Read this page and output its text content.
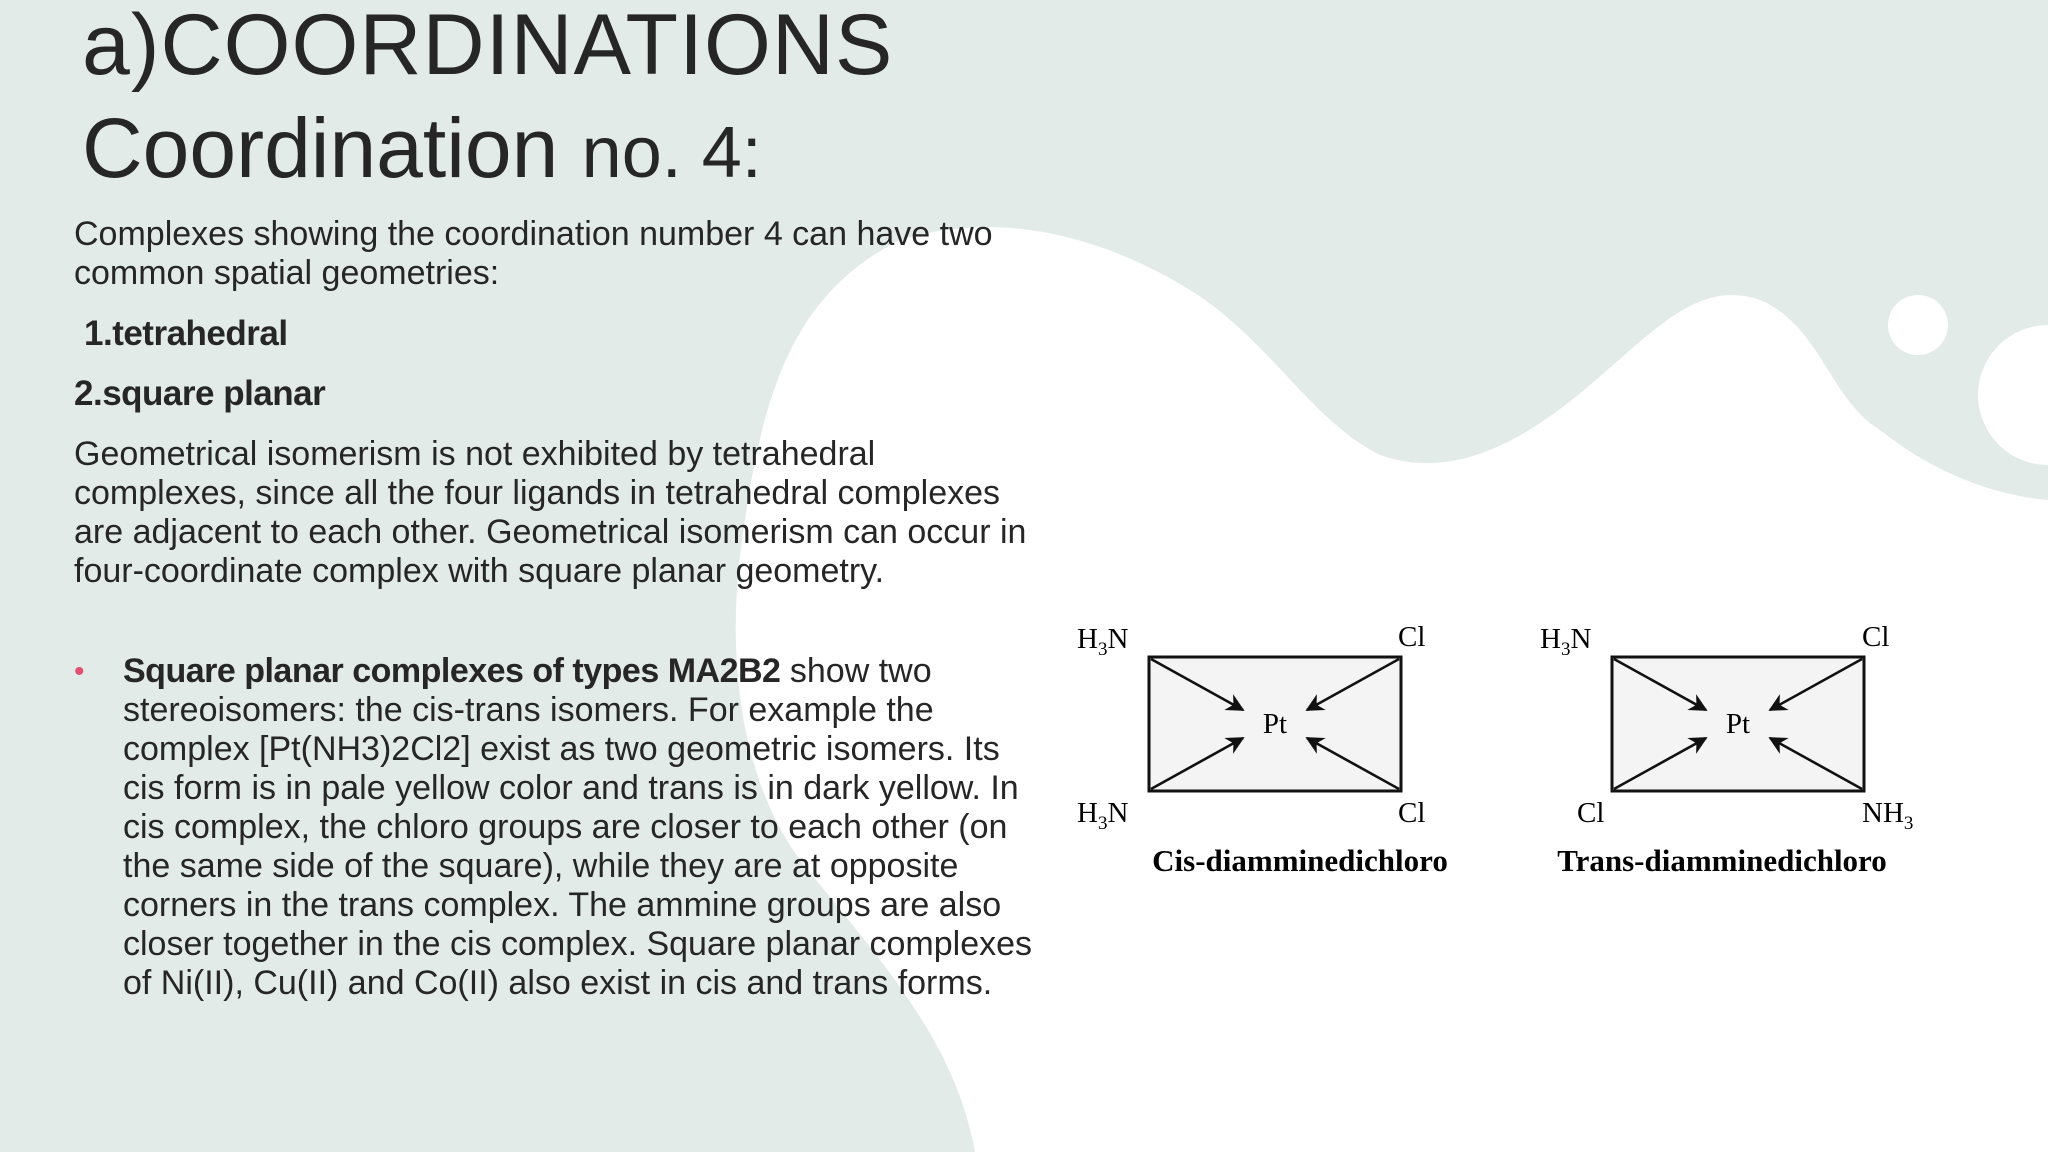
a)COORDINATIONS
Coordination no. 4:

Complexes showing the coordination number 4 can have two common spatial geometries:

1.tetrahedral

2.square planar

Geometrical isomerism is not exhibited by tetrahedral complexes, since all the four ligands in tetrahedral complexes are adjacent to each other. Geometrical isomerism can occur in four-coordinate complex with square planar geometry.

• Square planar complexes of types MA2B2 show two stereoisomers: the cis-trans isomers. For example the complex [Pt(NH3)2Cl2] exist as two geometric isomers. Its cis form is in pale yellow color and trans is in dark yellow. In cis complex, the chloro groups are closer to each other (on the same side of the square), while they are at opposite corners in the trans complex. The ammine groups are also closer together in the cis complex. Square planar complexes of Ni(II), Cu(II) and Co(II) also exist in cis and trans forms.
Pt
$H_3N$	Cl
$H_3N$	Cl
Cis-diamminedichloro
Pt
$H_3N$	Cl
Cl	$NH_3$
Trans-diamminedichloro
